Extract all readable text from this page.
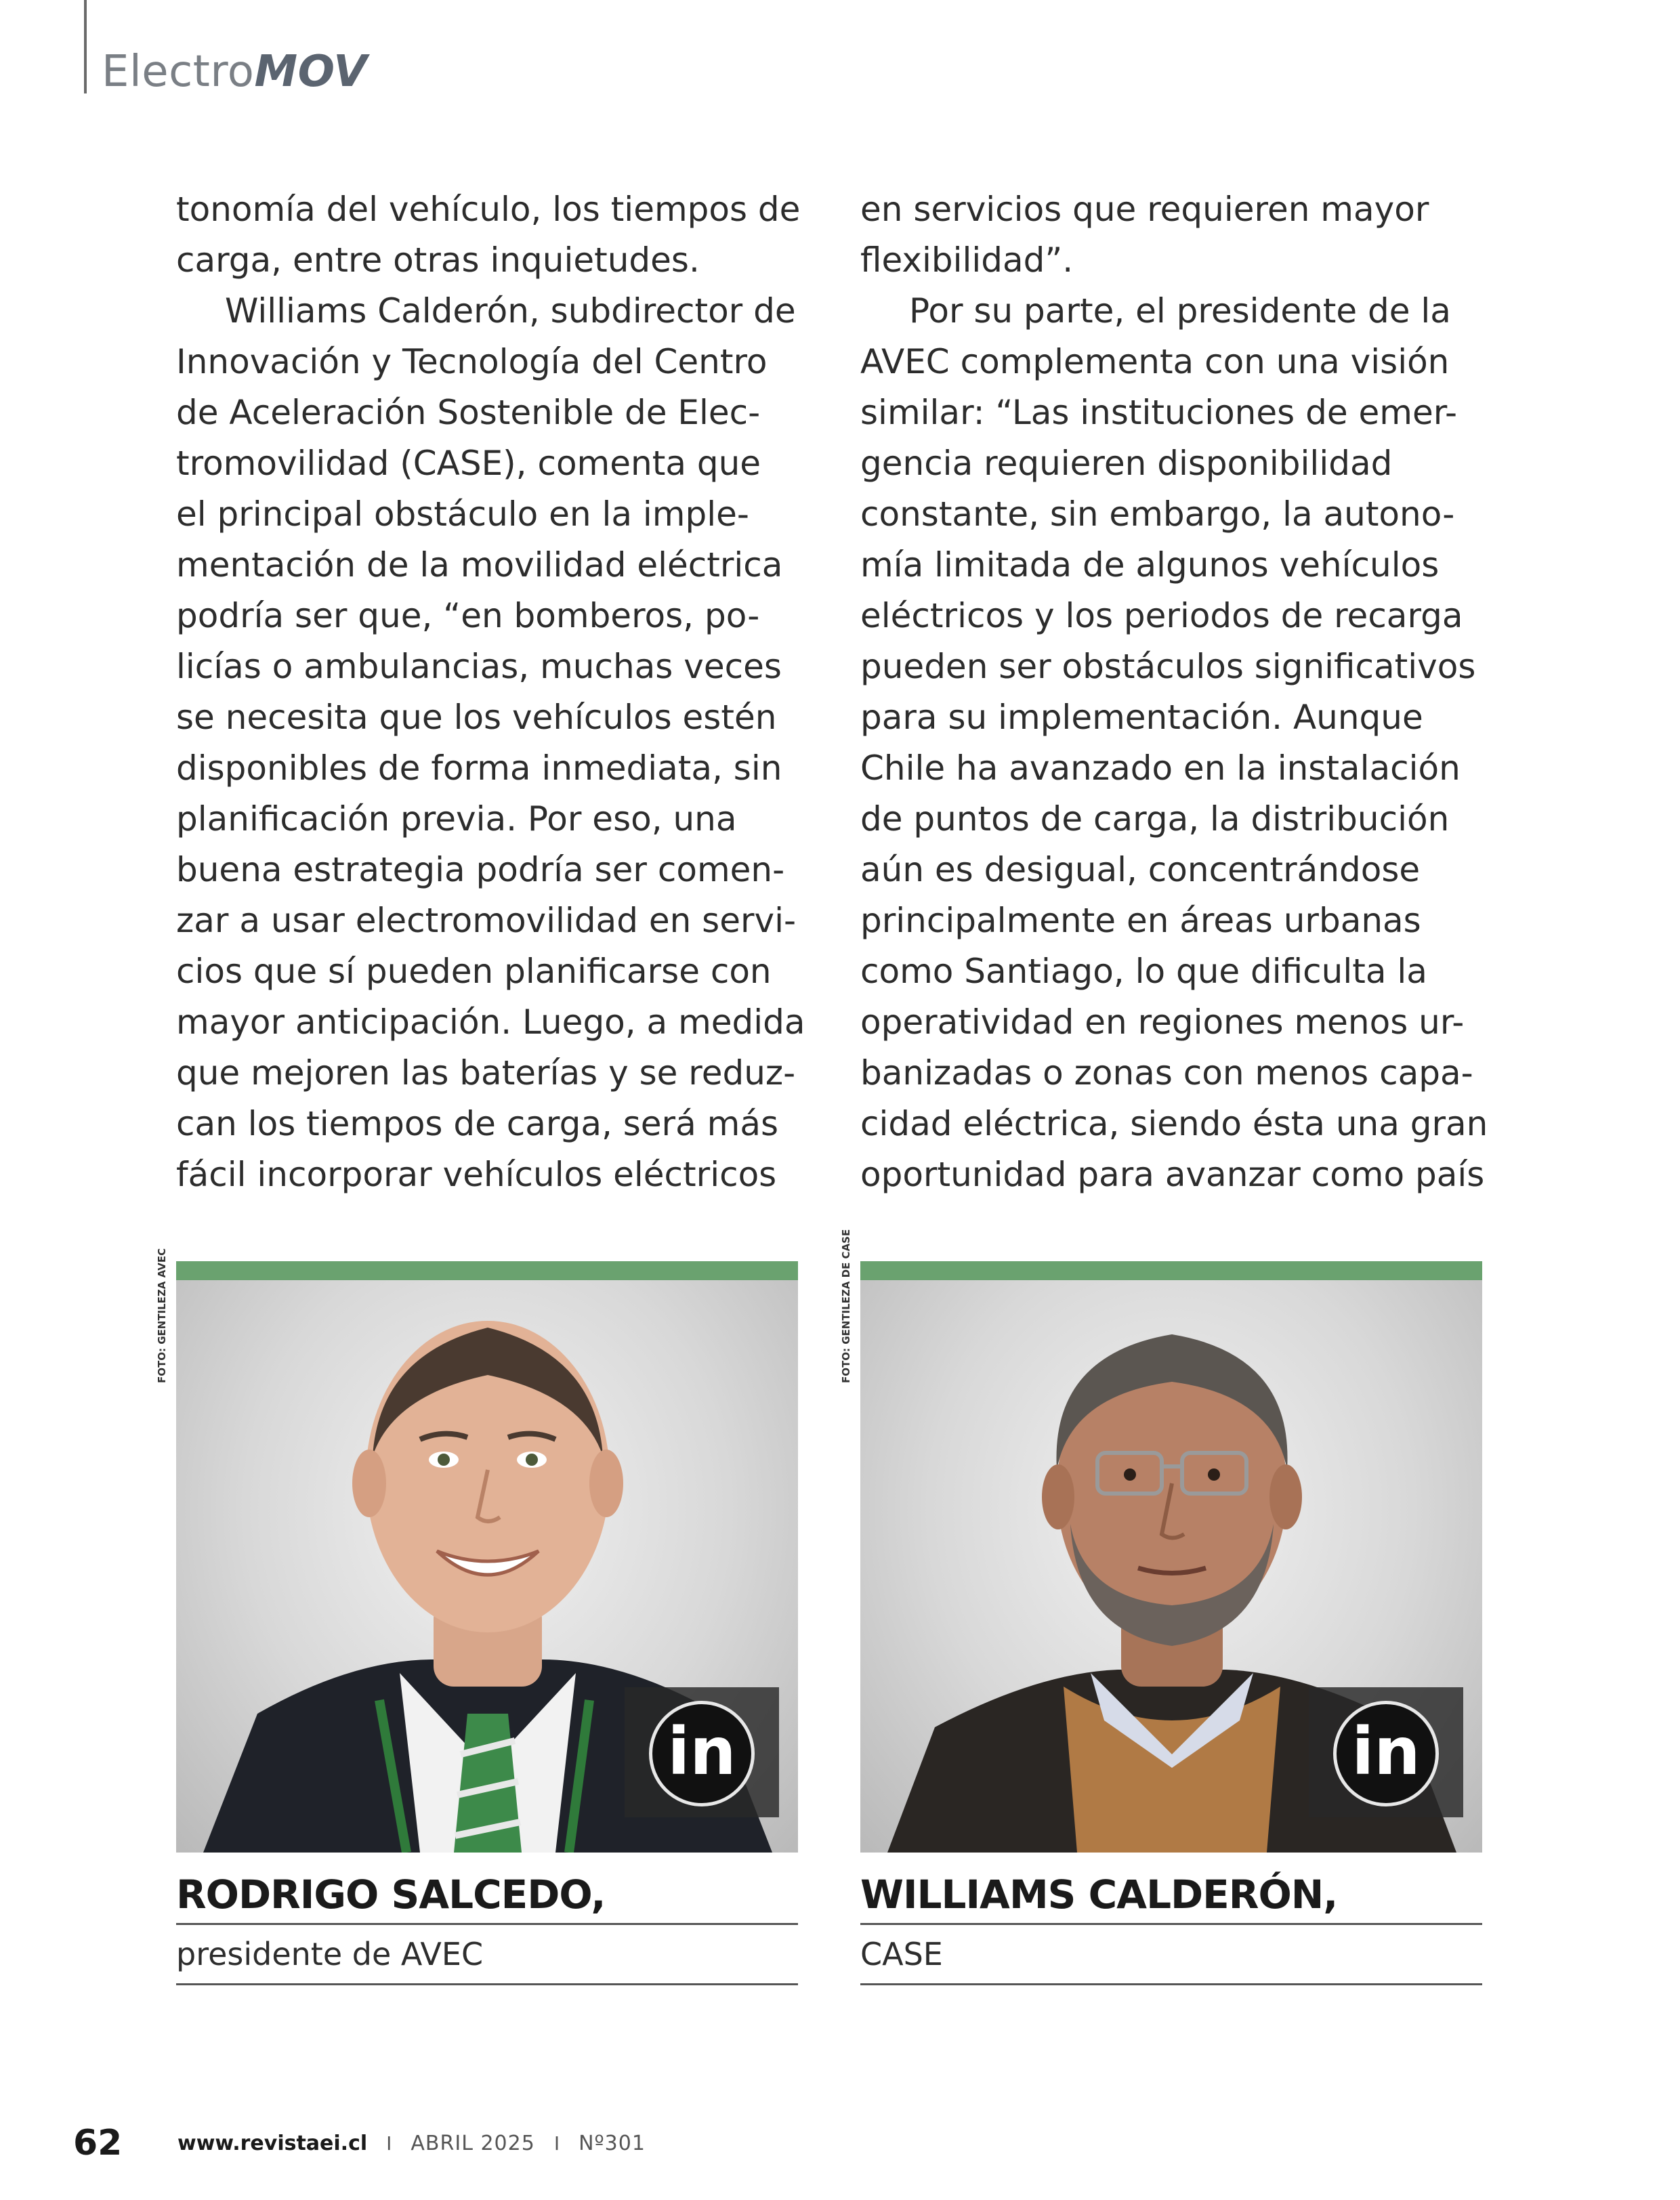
ElectroMOV
tonomía del vehículo, los tiempos de
carga, entre otras inquietudes.
Williams Calderón, subdirector de
Innovación y Tecnología del Centro
de Aceleración Sostenible de Elec-
tromovilidad (CASE), comenta que
el principal obstáculo en la imple-
mentación de la movilidad eléctrica
podría ser que, “en bomberos, po-
licías o ambulancias, muchas veces
se necesita que los vehículos estén
disponibles de forma inmediata, sin
planificación previa. Por eso, una
buena estrategia podría ser comen-
zar a usar electromovilidad en servi-
cios que sí pueden planificarse con
mayor anticipación. Luego, a medida
que mejoren las baterías y se reduz-
can los tiempos de carga, será más
fácil incorporar vehículos eléctricos
en servicios que requieren mayor
flexibilidad”.
Por su parte, el presidente de la
AVEC complementa con una visión
similar: “Las instituciones de emer-
gencia requieren disponibilidad
constante, sin embargo, la autono-
mía limitada de algunos vehículos
eléctricos y los periodos de recarga
pueden ser obstáculos significativos
para su implementación. Aunque
Chile ha avanzado en la instalación
de puntos de carga, la distribución
aún es desigual, concentrándose
principalmente en áreas urbanas
como Santiago, lo que dificulta la
operatividad en regiones menos ur-
banizadas o zonas con menos capa-
cidad eléctrica, siendo ésta una gran
oportunidad para avanzar como país
FOTO: GENTILEZA AVEC	FOTO: GENTILEZA DE CASE
in
RODRIGO SALCEDO,
presidente de AVEC
in
WILLIAMS CALDERÓN,
CASE
62	www.revistaei.cl I ABRIL 2025 I Nº301
